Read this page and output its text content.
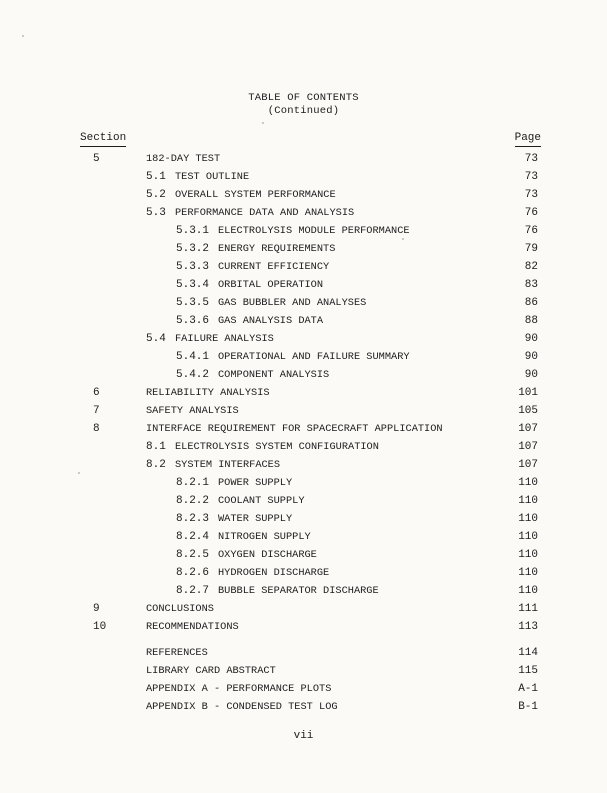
TABLE OF CONTENTS
(Continued)
Section	Page
5	182-DAY TEST	73
5.1 TEST OUTLINE	73
5.2 OVERALL SYSTEM PERFORMANCE	73
5.3 PERFORMANCE DATA AND ANALYSIS	76
5.3.1 ELECTROLYSIS MODULE PERFORMANCE	76
5.3.2 ENERGY REQUIREMENTS	79
5.3.3 CURRENT EFFICIENCY	82
5.3.4 ORBITAL OPERATION	83
5.3.5 GAS BUBBLER AND ANALYSES	86
5.3.6 GAS ANALYSIS DATA	88
5.4 FAILURE ANALYSIS	90
5.4.1 OPERATIONAL AND FAILURE SUMMARY	90
5.4.2 COMPONENT ANALYSIS	90
6	RELIABILITY ANALYSIS	101
7	SAFETY ANALYSIS	105
8	INTERFACE REQUIREMENT FOR SPACECRAFT APPLICATION	107
8.1 ELECTROLYSIS SYSTEM CONFIGURATION	107
8.2 SYSTEM INTERFACES	107
8.2.1 POWER SUPPLY	110
8.2.2 COOLANT SUPPLY	110
8.2.3 WATER SUPPLY	110
8.2.4 NITROGEN SUPPLY	110
8.2.5 OXYGEN DISCHARGE	110
8.2.6 HYDROGEN DISCHARGE	110
8.2.7 BUBBLE SEPARATOR DISCHARGE	110
9	CONCLUSIONS	111
10	RECOMMENDATIONS	113
REFERENCES	114
LIBRARY CARD ABSTRACT	115
APPENDIX A - PERFORMANCE PLOTS	A-1
APPENDIX B - CONDENSED TEST LOG	B-1
vii
